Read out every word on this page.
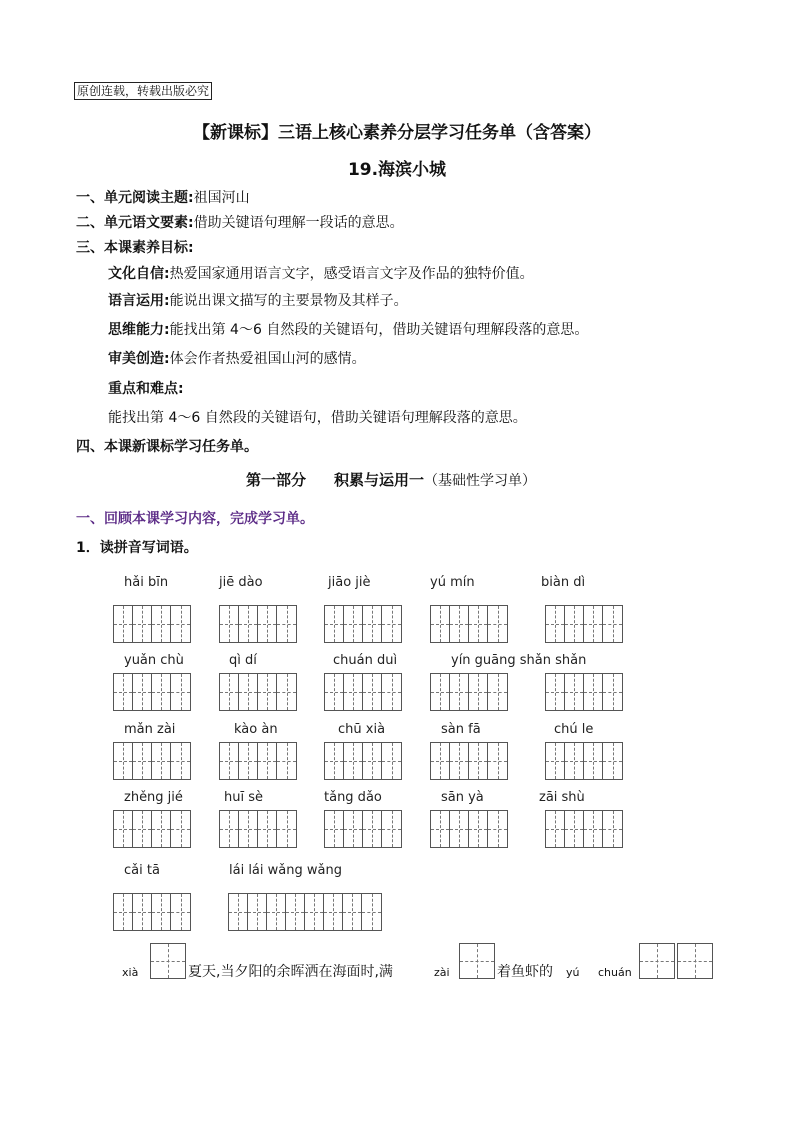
原创连载，转载出版必究
【新课标】三语上核心素养分层学习任务单（含答案）
19.海滨小城
一、单元阅读主题:祖国河山
二、单元语文要素:借助关键语句理解一段话的意思。
三、本课素养目标:
文化自信:热爱国家通用语言文字，感受语言文字及作品的独特价值。
语言运用:能说出课文描写的主要景物及其样子。
思维能力:能找出第 4～6 自然段的关键语句，借助关键语句理解段落的意思。
审美创造:体会作者热爱祖国山河的感情。
重点和难点:
能找出第 4～6 自然段的关键语句，借助关键语句理解段落的意思。
四、本课新课标学习任务单。
第一部分 积累与运用一（基础性学习单）
一、回顾本课学习内容，完成学习单。
1．读拼音写词语。
hǎi bīn	jiē dào	jiāo jiè	yú mín	biàn dì
yuǎn chù	qì dí	chuán duì	yín guāng shǎn shǎn
mǎn zài	kào àn	chū xià	sàn fā	chú le
zhěng jié	huī sè	tǎng dǎo	sān yà	zāi shù
cǎi tā	lái lái wǎng wǎng
xià	夏天,当夕阳的余晖洒在海面时,满	zài	着鱼虾的 yú chuán
